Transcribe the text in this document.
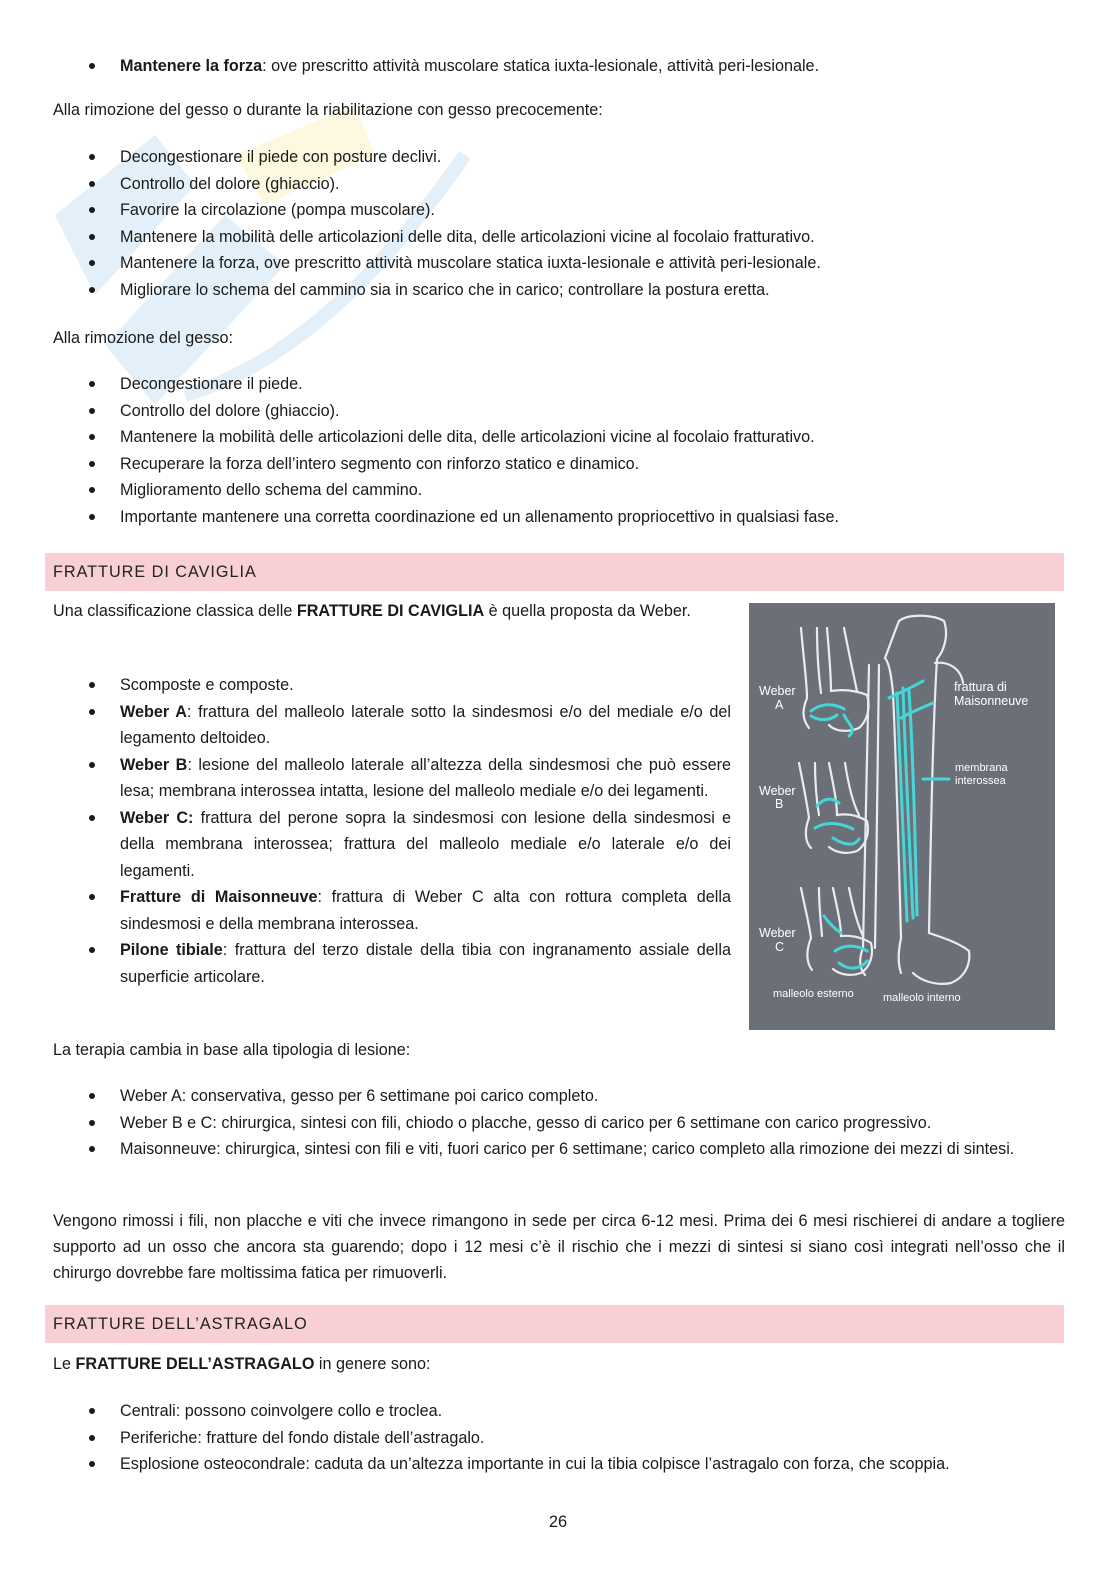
Mantenere la forza: ove prescritto attività muscolare statica iuxta-lesionale, attività peri-lesionale.

Alla rimozione del gesso o durante la riabilitazione con gesso precocemente:

Decongestionare il piede con posture declivi.
Controllo del dolore (ghiaccio).
Favorire la circolazione (pompa muscolare).
Mantenere la mobilità delle articolazioni delle dita, delle articolazioni vicine al focolaio fratturativo.
Mantenere la forza, ove prescritto attività muscolare statica iuxta-lesionale e attività peri-lesionale.
Migliorare lo schema del cammino sia in scarico che in carico; controllare la postura eretta.

Alla rimozione del gesso:

Decongestionare il piede.
Controllo del dolore (ghiaccio).
Mantenere la mobilità delle articolazioni delle dita, delle articolazioni vicine al focolaio fratturativo.
Recuperare la forza dell’intero segmento con rinforzo statico e dinamico.
Miglioramento dello schema del cammino.
Importante mantenere una corretta coordinazione ed un allenamento propriocettivo in qualsiasi fase.
FRATTURE DI CAVIGLIA

Una classificazione classica delle FRATTURE DI CAVIGLIA è quella proposta da Weber.

Scomposte e composte.
Weber A: frattura del malleolo laterale sotto la sindesmosi e/o del mediale e/o del legamento deltoideo.
Weber B: lesione del malleolo laterale all’altezza della sindesmosi che può essere lesa; membrana interossea intatta, lesione del malleolo mediale e/o dei legamenti.
Weber C: frattura del perone sopra la sindesmosi con lesione della sindesmosi e della membrana interossea; frattura del malleolo mediale e/o laterale e/o dei legamenti.
Fratture di Maisonneuve: frattura di Weber C alta con rottura completa della sindesmosi e della membrana interossea.
Pilone tibiale: frattura del terzo distale della tibia con ingranamento assiale della superficie articolare.
Weber
A
Weber
B
Weber
C
frattura di
Maisonneuve
membrana
interossea
malleolo esterno	malleolo interno

La terapia cambia in base alla tipologia di lesione:

Weber A: conservativa, gesso per 6 settimane poi carico completo.
Weber B e C: chirurgica, sintesi con fili, chiodo o placche, gesso di carico per 6 settimane con carico progressivo.
Maisonneuve: chirurgica, sintesi con fili e viti, fuori carico per 6 settimane; carico completo alla rimozione dei mezzi di sintesi.

Vengono rimossi i fili, non placche e viti che invece rimangono in sede per circa 6-12 mesi. Prima dei 6 mesi rischierei di andare a togliere supporto ad un osso che ancora sta guarendo; dopo i 12 mesi c’è il rischio che i mezzi di sintesi si siano così integrati nell’osso che il chirurgo dovrebbe fare moltissima fatica per rimuoverli.

FRATTURE DELL’ASTRAGALO

Le FRATTURE DELL’ASTRAGALO in genere sono:

Centrali: possono coinvolgere collo e troclea.
Periferiche: fratture del fondo distale dell’astragalo.
Esplosione osteocondrale: caduta da un’altezza importante in cui la tibia colpisce l’astragalo con forza, che scoppia.
26
